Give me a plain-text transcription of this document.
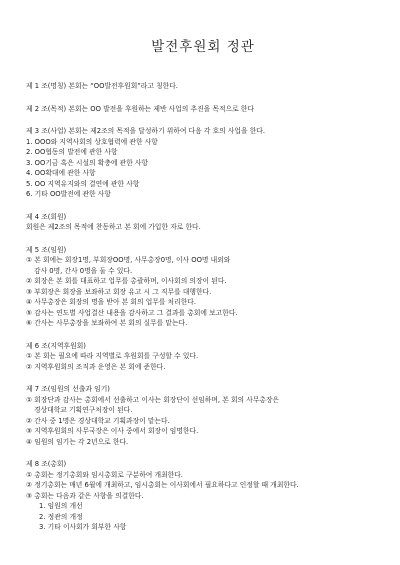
발전후원회 정관
제 1 조(명칭) 본회는 “OO발전후원회”라고 칭한다.
제 2 조(목적) 본회는 OO 발전을 후원하는 제반 사업의 추진을 목적으로 한다
제 3 조(사업) 본회는 제2조의 목적을 달성하기 위하여 다음 각 호의 사업을 한다.
1. OOO와 지역사회의 상호협력에 관한 사항
2. OO협동의 발전에 관한 사항
3. OO기금 혹은 시설의 확충에 관한 사항
4. OO확대에 관한 사항
5. OO 지역유지와의 결연에 관한 사항
6. 기타 OO발전에 관한 사항
제 4 조(회원)
회원은 제2조의 목적에 찬동하고 본 회에 가입한 자로 한다.
제 5 조(임원)
① 본 회에는 회장1명, 부회장OO명, 사무총장0명, 이사 OO명 내외와
감사 0명, 간사 0명을 둘 수 있다.
② 회장은 본 회를 대표하고 업무를 총괄하며, 이사회의 의장이 된다.
③ 부회장은 회장을 보좌하고 회장 유고 시 그 직무를 대행한다.
④ 사무총장은 회장의 명을 받아 본 회의 업무를 처리한다.
⑤ 감사는 연도별 사업결산 내용을 감사하고 그 결과를 총회에 보고한다.
⑥ 간사는 사무총장을 보좌하여 본 회의 실무를 맡는다.
제 6 조(지역후원회)
① 본 회는 필요에 따라 지역별로 후원회를 구성할 수 있다.
② 지역후원회의 조직과 운영은 본 회에 준한다.
제 7 조(임원의 선출과 임기)
① 회장단과 감사는 총회에서 선출하고 이사는 회장단이 선임하며, 본 회의 사무총장은
경상대학교 기획연구처장이 된다.
② 간사 중 1명은 경상대학교 기획과장이 맡는다.
③ 지역후원회의 사무국장은 이사 중에서 회장이 임명한다.
④ 임원의 임기는 각 2년으로 한다.
제 8 조(총회)
① 총회는 정기총회와 임시총회로 구분하여 개최한다.
② 정기총회는 매년 6월에 개최하고, 임시총회는 이사회에서 필요하다고 인정할 때 개최한다.
③ 총회는 다음과 같은 사항을 의결한다.
1. 임원의 개선
2. 정관의 개정
3. 기타 이사회가 회부한 사항
